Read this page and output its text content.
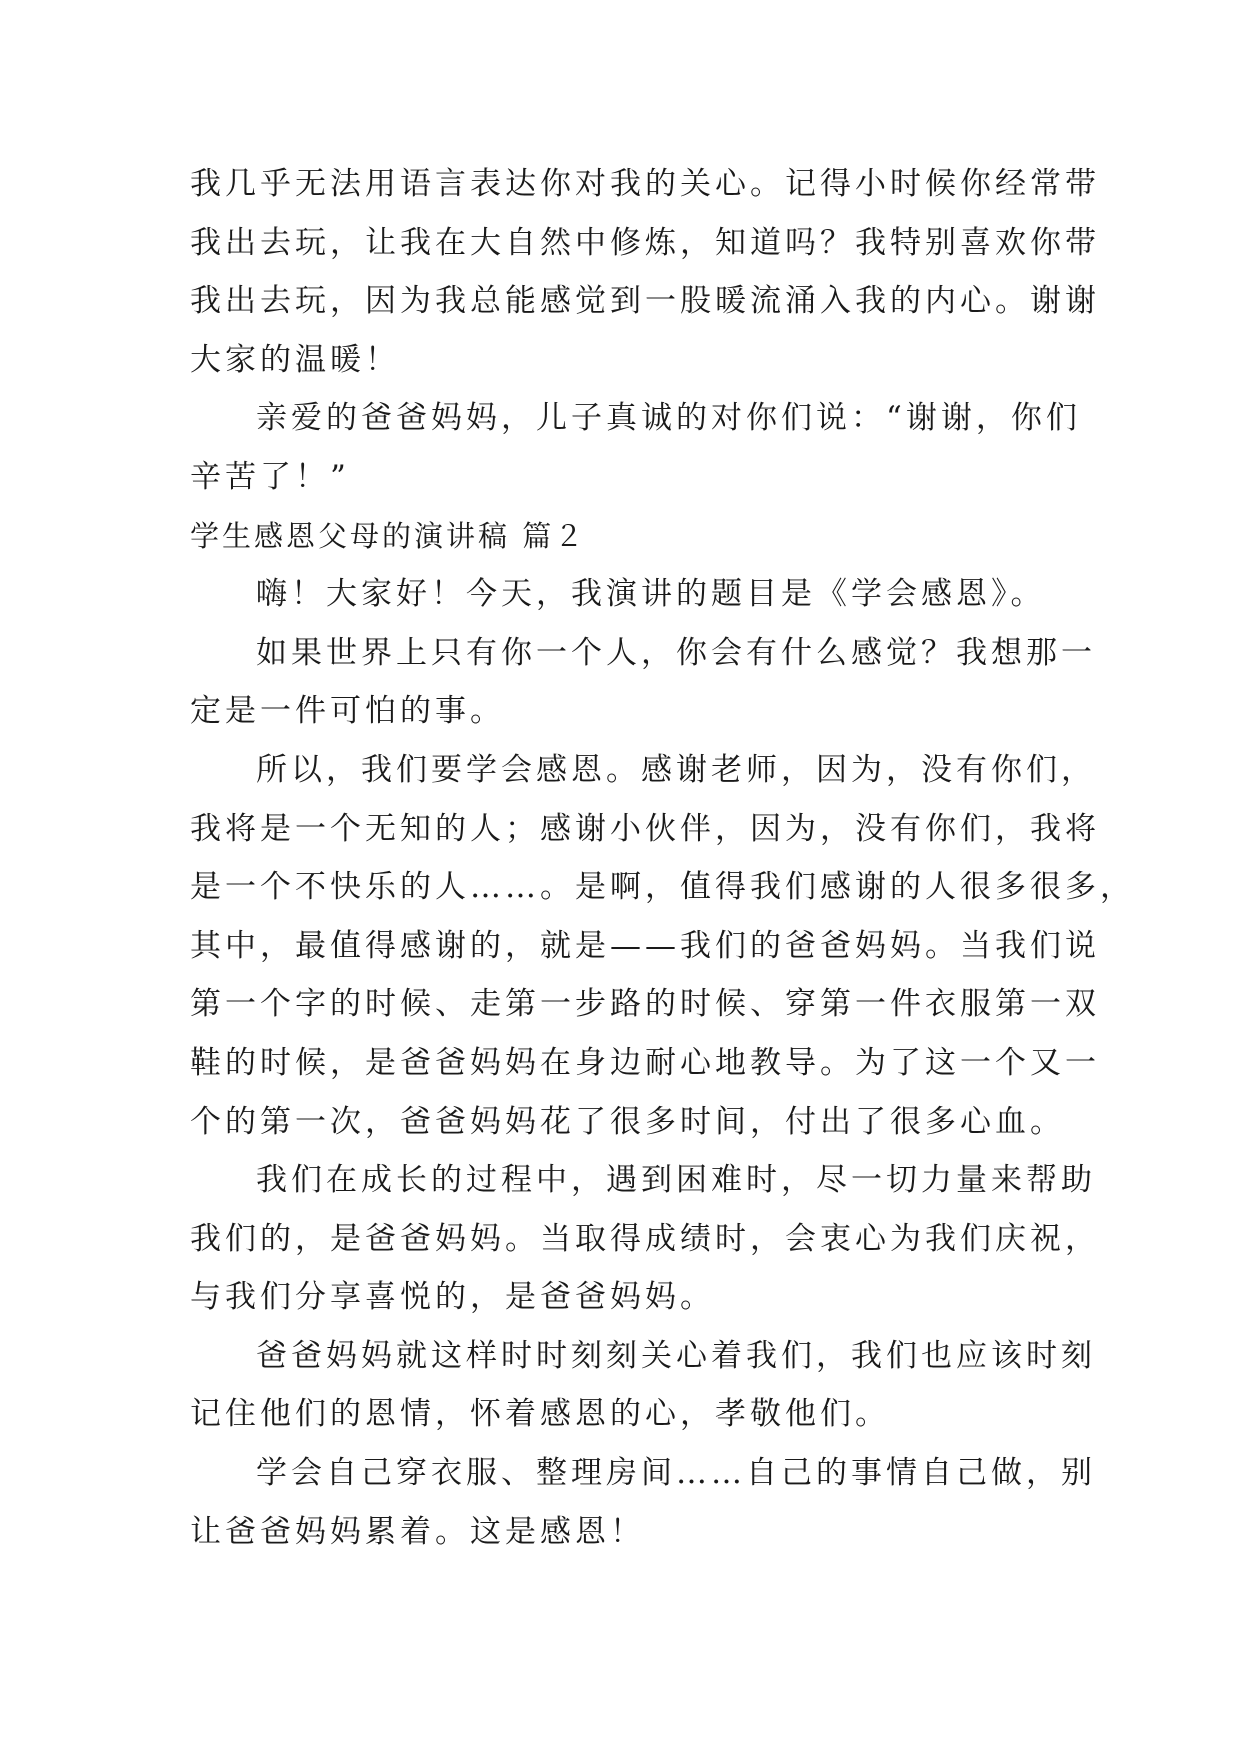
我几乎无法用语言表达你对我的关心。记得小时候你经常带
我出去玩，让我在大自然中修炼，知道吗？我特别喜欢你带
我出去玩，因为我总能感觉到一股暖流涌入我的内心。谢谢
大家的温暖！
亲爱的爸爸妈妈，儿子真诚的对你们说：“谢谢，你们
辛苦了！”
学生感恩父母的演讲稿 篇２
嗨！大家好！今天，我演讲的题目是《学会感恩》。
如果世界上只有你一个人，你会有什么感觉？我想那一
定是一件可怕的事。
所以，我们要学会感恩。感谢老师，因为，没有你们，
我将是一个无知的人；感谢小伙伴，因为，没有你们，我将
是一个不快乐的人……。是啊，值得我们感谢的人很多很多，
其中，最值得感谢的，就是——我们的爸爸妈妈。当我们说
第一个字的时候、走第一步路的时候、穿第一件衣服第一双
鞋的时候，是爸爸妈妈在身边耐心地教导。为了这一个又一
个的第一次，爸爸妈妈花了很多时间，付出了很多心血。
我们在成长的过程中，遇到困难时，尽一切力量来帮助
我们的，是爸爸妈妈。当取得成绩时，会衷心为我们庆祝，
与我们分享喜悦的，是爸爸妈妈。
爸爸妈妈就这样时时刻刻关心着我们，我们也应该时刻
记住他们的恩情，怀着感恩的心，孝敬他们。
学会自己穿衣服、整理房间……自己的事情自己做，别
让爸爸妈妈累着。这是感恩！
